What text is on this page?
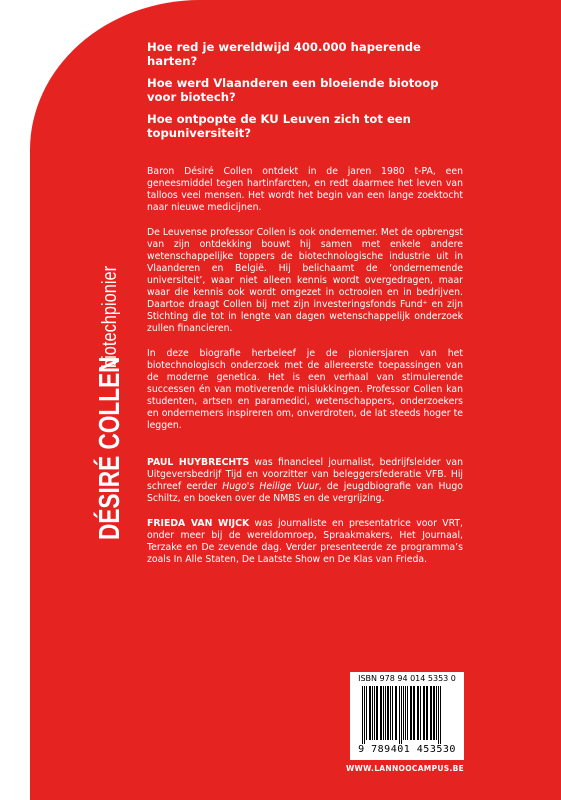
DÉSIRÉ COLLEN
biotechpionier

Hoe red je wereldwijd 400.000 haperende harten?

Hoe werd Vlaanderen een bloeiende biotoop voor biotech?

Hoe ontpopte de KU Leuven zich tot een topuniversiteit?

Baron Désiré Collen ontdekt in de jaren 1980 t-PA, een geneesmiddel tegen hartinfarcten, en redt daarmee het leven van talloos veel mensen. Het wordt het begin van een lange zoektocht naar nieuwe medicijnen.

De Leuvense professor Collen is ook ondernemer. Met de opbrengst van zijn ontdekking bouwt hij samen met enkele andere wetenschappelijke toppers de biotechnologische industrie uit in Vlaanderen en België. Hij belichaamt de ‘ondernemende universiteit’, waar niet alleen kennis wordt overgedragen, maar waar die kennis ook wordt omgezet in octrooien en in bedrijven. Daartoe draagt Collen bij met zijn investeringsfonds Fund⁺ en zijn Stichting die tot in lengte van dagen wetenschappelijk onderzoek zullen financieren.

In deze biografie herbeleef je de pioniersjaren van het biotechnologisch onderzoek met de allereerste toepassingen van de moderne genetica. Het is een verhaal van stimulerende successen én van motiverende mislukkingen. Professor Collen kan studenten, artsen en paramedici, wetenschappers, onderzoekers en ondernemers inspireren om, onverdroten, de lat steeds hoger te leggen.

PAUL HUYBRECHTS was financieel journalist, bedrijfsleider van Uitgeversbedrijf Tijd en voorzitter van beleggersfederatie VFB. Hij schreef eerder Hugo's Heilige Vuur, de jeugdbiografie van Hugo Schiltz, en boeken over de NMBS en de vergrijzing.

FRIEDA VAN WIJCK was journaliste en presentatrice voor VRT, onder meer bij de wereldomroep, Spraakmakers, Het Journaal, Terzake en De zevende dag. Verder presenteerde ze programma’s zoals In Alle Staten, De Laatste Show en De Klas van Frieda.

ISBN 978 94 014 5353 0
9 789401 453530
WWW.LANNOOCAMPUS.BE
